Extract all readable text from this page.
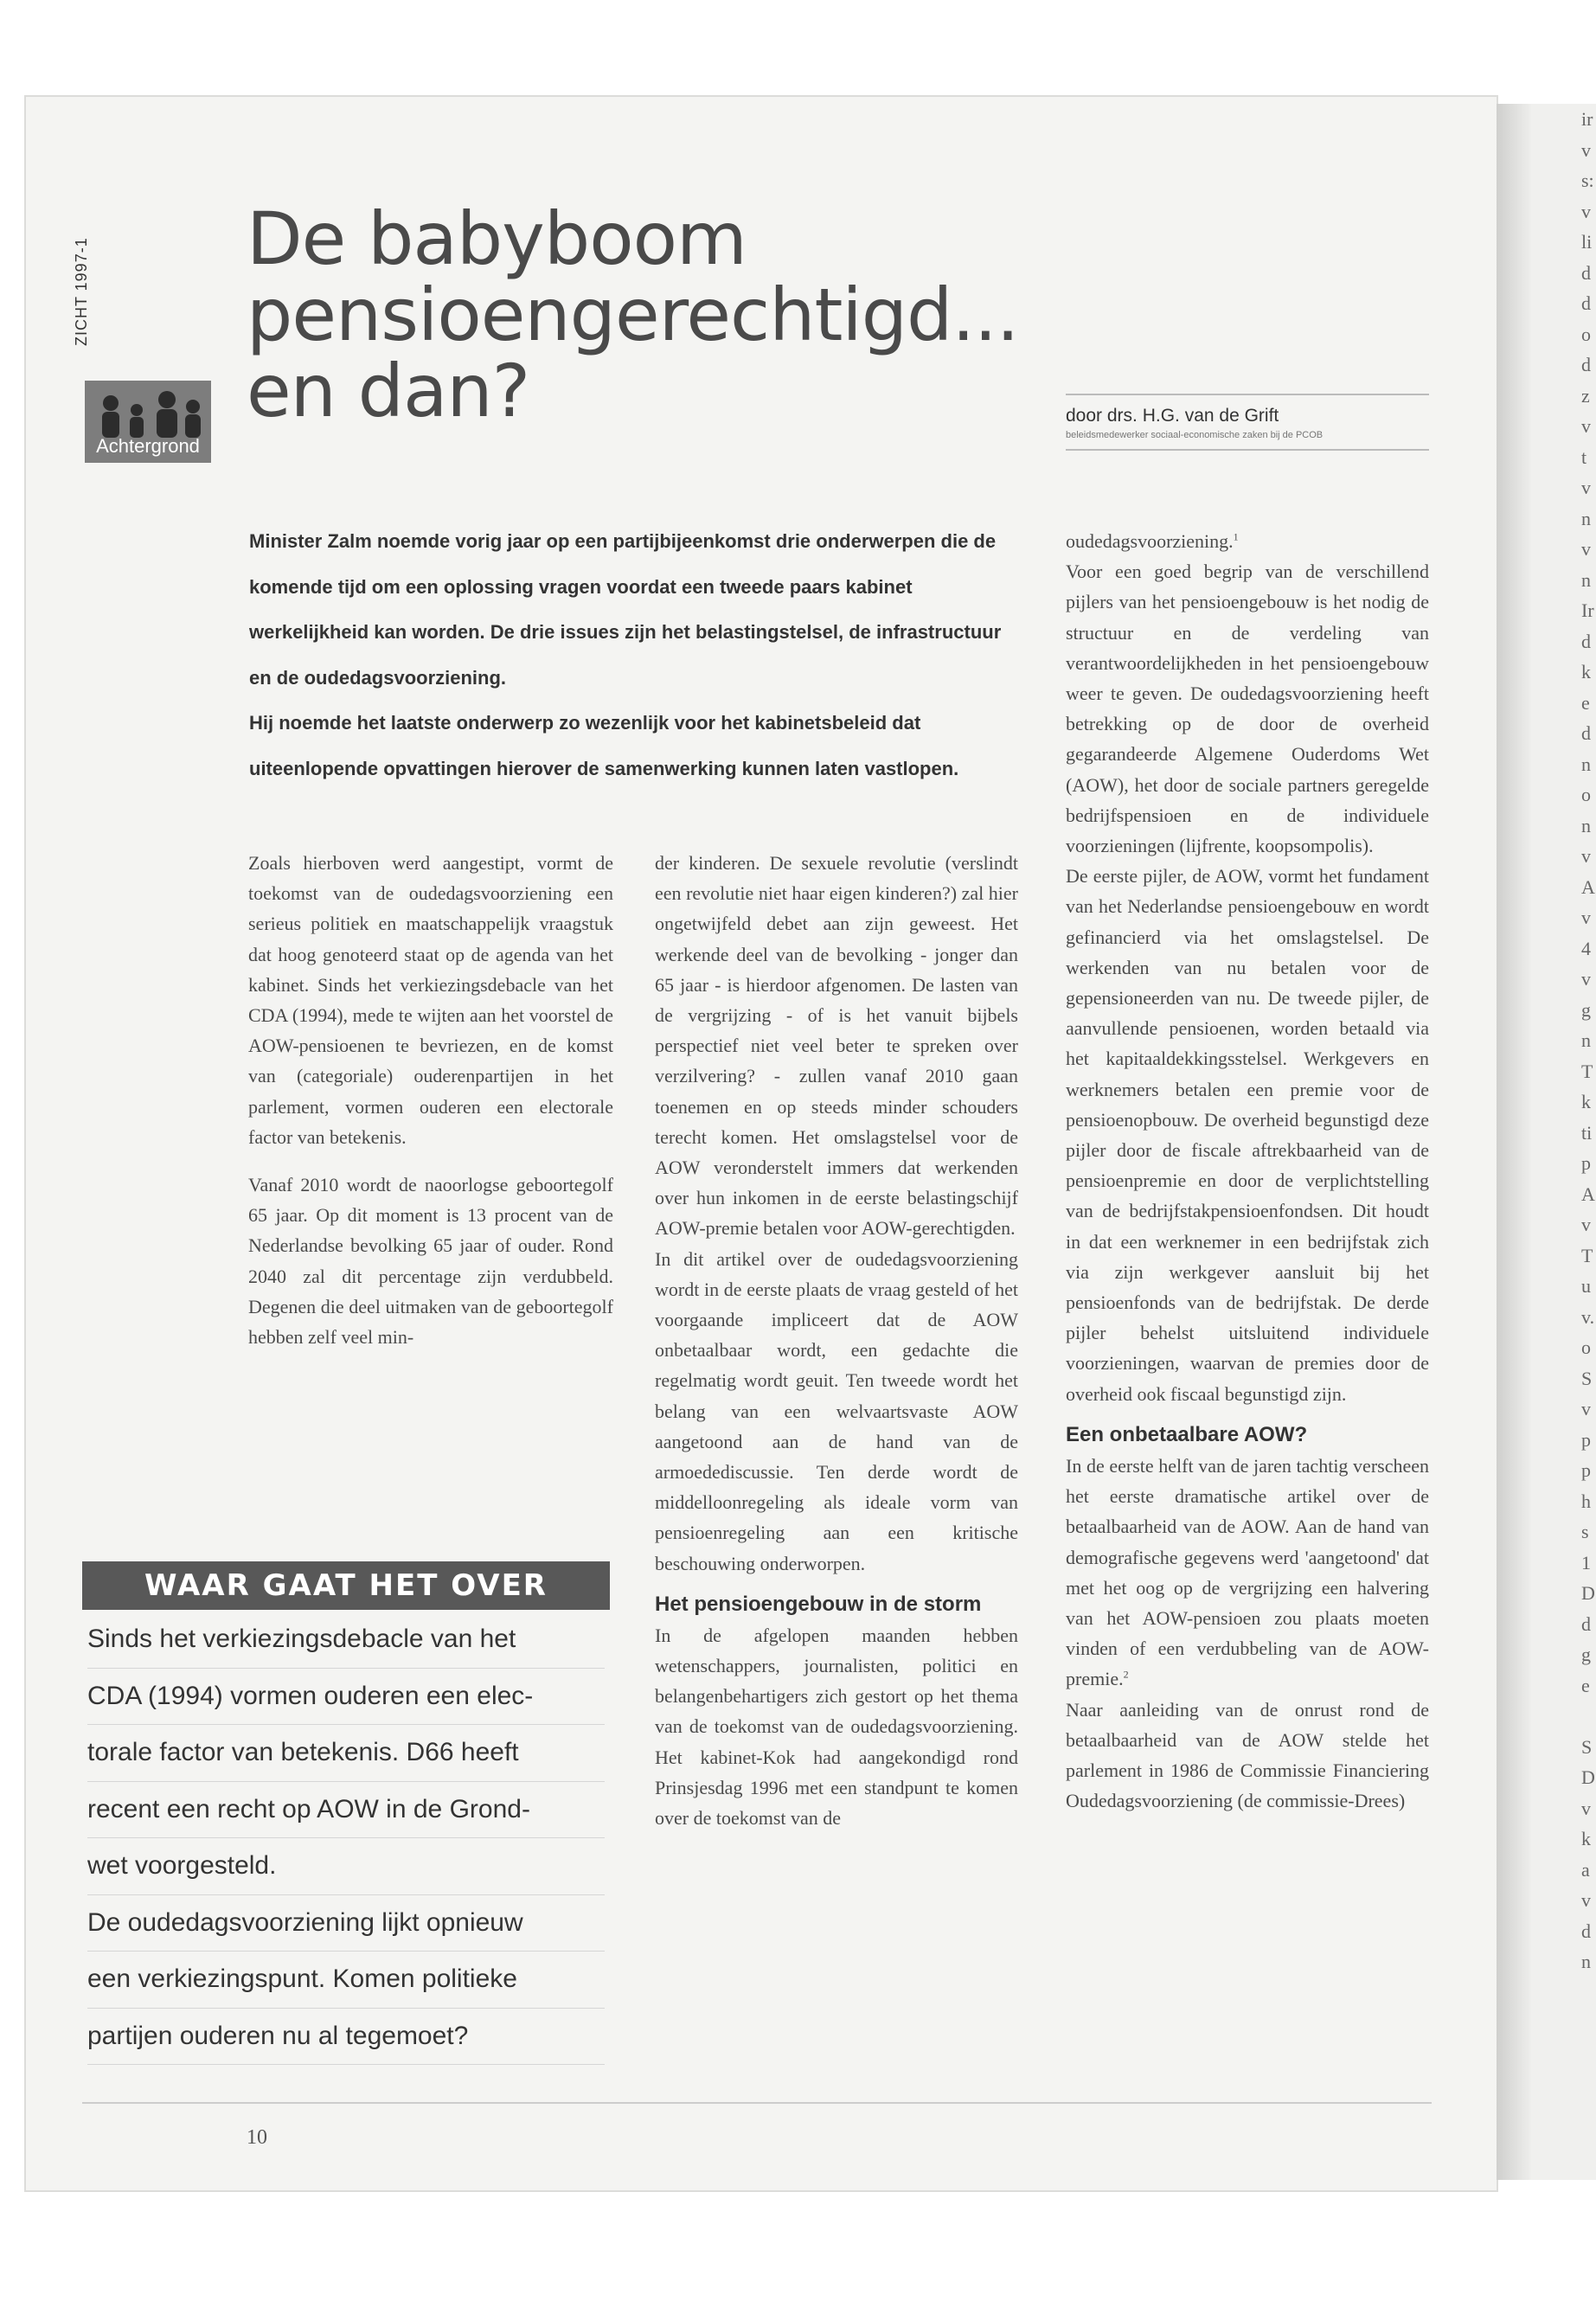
ir
v
s:
v
li
d
d
o
d
z
v
t
v
n
v
n
Ir
d
k
e
d
n
o
n
v
A
v
4
v
g
n
T
k
ti
p
A
v
T
u
v.
o
S
v
p
p
h
s
1
D
d
g
e

S
D
v
k
a
v
d
n
ZICHT 1997-1
Achtergrond
De babyboom pensioengerechtigd...
en dan?	door drs. H.G. van de Grift
beleidsmedewerker sociaal-economische zaken bij de PCOB

Minister Zalm noemde vorig jaar op een partijbijeenkomst drie onderwerpen die de komende tijd om een oplossing vragen voordat een tweede paars kabinet werkelijkheid kan worden. De drie issues zijn het belastingstelsel, de infrastructuur en de oudedagsvoorziening.

Hij noemde het laatste onderwerp zo wezenlijk voor het kabinetsbeleid dat uiteenlopende opvattingen hierover de samenwerking kunnen laten vastlopen.

Zoals hierboven werd aangestipt, vormt de toekomst van de oudedagsvoorziening een serieus politiek en maatschappelijk vraagstuk dat hoog genoteerd staat op de agenda van het kabinet. Sinds het verkiezingsdebacle van het CDA (1994), mede te wijten aan het voorstel de AOW-pensioenen te bevriezen, en de komst van (categoriale) ouderenpartijen in het parlement, vormen ouderen een electorale factor van betekenis.

Vanaf 2010 wordt de naoorlogse geboortegolf 65 jaar. Op dit moment is 13 procent van de Nederlandse bevolking 65 jaar of ouder. Rond 2040 zal dit percentage zijn verdubbeld. Degenen die deel uitmaken van de geboortegolf hebben zelf veel min-

der kinderen. De sexuele revolutie (verslindt een revolutie niet haar eigen kinderen?) zal hier ongetwijfeld debet aan zijn geweest. Het werkende deel van de bevolking - jonger dan 65 jaar - is hierdoor afgenomen. De lasten van de vergrijzing - of is het vanuit bijbels perspectief niet veel beter te spreken over verzilvering? - zullen vanaf 2010 gaan toenemen en op steeds minder schouders terecht komen. Het omslagstelsel voor de AOW veronderstelt immers dat werkenden over hun inkomen in de eerste belastingschijf AOW-premie betalen voor AOW-gerechtigden.

In dit artikel over de oudedagsvoorziening wordt in de eerste plaats de vraag gesteld of het voorgaande impliceert dat de AOW onbetaalbaar wordt, een gedachte die regelmatig wordt geuit. Ten tweede wordt het belang van een welvaartsvaste AOW aangetoond aan de hand van de armoedediscussie. Ten derde wordt de middelloonregeling als ideale vorm van pensioenregeling aan een kritische beschouwing onderworpen.

Het pensioengebouw in de storm

In de afgelopen maanden hebben wetenschappers, journalisten, politici en belangenbehartigers zich gestort op het thema van de toekomst van de oudedagsvoorziening. Het kabinet-Kok had aangekondigd rond Prinsjesdag 1996 met een standpunt te komen over de toekomst van de

oudedagsvoorziening.$^1$

Voor een goed begrip van de verschillend pijlers van het pensioengebouw is het nodig de structuur en de verdeling van verantwoordelijkheden in het pensioengebouw weer te geven. De oudedagsvoorziening heeft betrekking op de door de overheid gegarandeerde Algemene Ouderdoms Wet (AOW), het door de sociale partners geregelde bedrijfspensioen en de individuele voorzieningen (lijfrente, koopsompolis).

De eerste pijler, de AOW, vormt het fundament van het Nederlandse pensioengebouw en wordt gefinancierd via het omslagstelsel. De werkenden van nu betalen voor de gepensioneerden van nu. De tweede pijler, de aanvullende pensioenen, worden betaald via het kapitaaldekkingsstelsel. Werkgevers en werknemers betalen een premie voor de pensioenopbouw. De overheid begunstigd deze pijler door de fiscale aftrekbaarheid van de pensioenpremie en door de verplichtstelling van de bedrijfstakpensioenfondsen. Dit houdt in dat een werknemer in een bedrijfstak zich via zijn werkgever aansluit bij het pensioenfonds van de bedrijfstak. De derde pijler behelst uitsluitend individuele voorzieningen, waarvan de premies door de overheid ook fiscaal begunstigd zijn.

Een onbetaalbare AOW?

In de eerste helft van de jaren tachtig verscheen het eerste dramatische artikel over de betaalbaarheid van de AOW. Aan de hand van demografische gegevens werd 'aangetoond' dat met het oog op de vergrijzing een halvering van het AOW-pensioen zou plaats moeten vinden of een verdubbeling van de AOW-premie.$^2$

Naar aanleiding van de onrust rond de betaalbaarheid van de AOW stelde het parlement in 1986 de Commissie Financiering Oudedagsvoorziening (de commissie-Drees)

WAAR GAAT HET OVER
Sinds het verkiezingsdebacle van het
CDA (1994) vormen ouderen een elec-
torale factor van betekenis. D66 heeft
recent een recht op AOW in de Grond-
wet voorgesteld.
De oudedagsvoorziening lijkt opnieuw
een verkiezingspunt. Komen politieke
partijen ouderen nu al tegemoet?
10
